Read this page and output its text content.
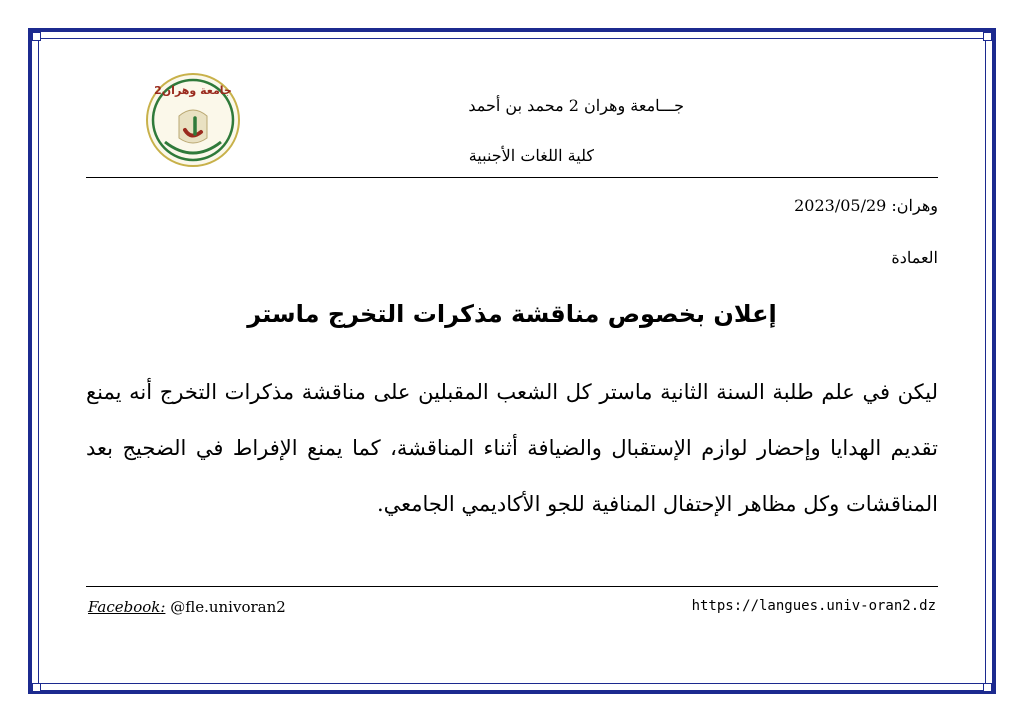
جامعة وهران2
جـــامعة وهران 2 محمد بن أحمد
كلية اللغات الأجنبية
وهران: 2023/05/29
العمادة
إعلان بخصوص مناقشة مذكرات التخرج ماستر
ليكن في علم طلبة السنة الثانية ماستر كل الشعب المقبلين على مناقشة مذكرات التخرج أنه يمنع تقديم الهدايا وإحضار لوازم الإستقبال والضيافة أثناء المناقشة، كما يمنع الإفراط في الضجيج بعد المناقشات وكل مظاهر الإحتفال المنافية للجو الأكاديمي الجامعي.
Facebook: @fle.univoran2	https://langues.univ-oran2.dz
